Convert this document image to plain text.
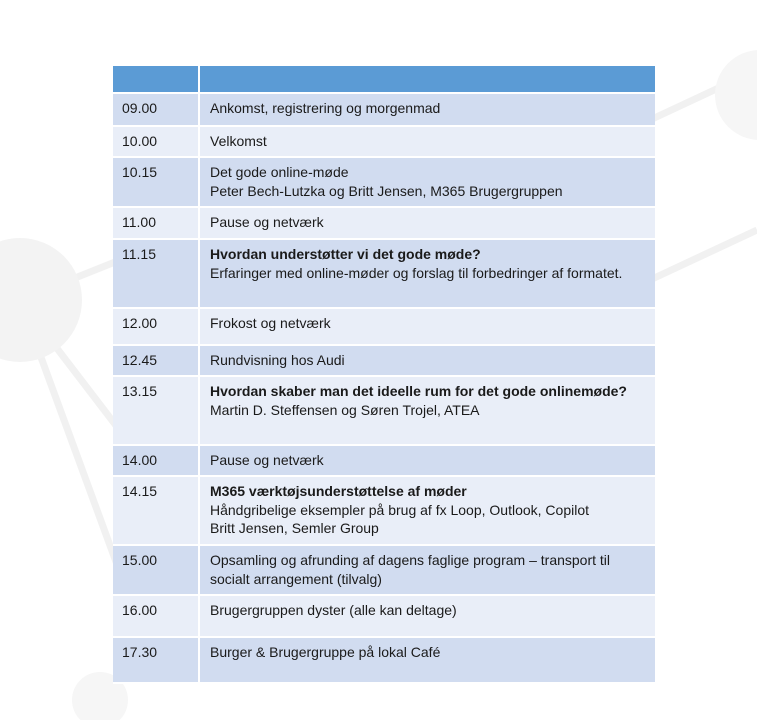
09.00	Ankomst, registrering og morgenmad

10.00	Velkomst

10.15	Det gode online-møde
Peter Bech-Lutzka og Britt Jensen, M365 Brugergruppen

11.00	Pause og netværk

11.15	Hvordan understøtter vi det gode møde?
Erfaringer med online-møder og forslag til forbedringer af formatet.

12.00	Frokost og netværk

12.45	Rundvisning hos Audi

13.15	Hvordan skaber man det ideelle rum for det gode onlinemøde?
Martin D. Steffensen og Søren Trojel, ATEA

14.00	Pause og netværk

14.15	M365 værktøjsunderstøttelse af møder
Håndgribelige eksempler på brug af fx Loop, Outlook, Copilot
Britt Jensen, Semler Group

15.00	Opsamling og afrunding af dagens faglige program – transport til socialt arrangement (tilvalg)

16.00	Brugergruppen dyster (alle kan deltage)

17.30	Burger & Brugergruppe på lokal Café
